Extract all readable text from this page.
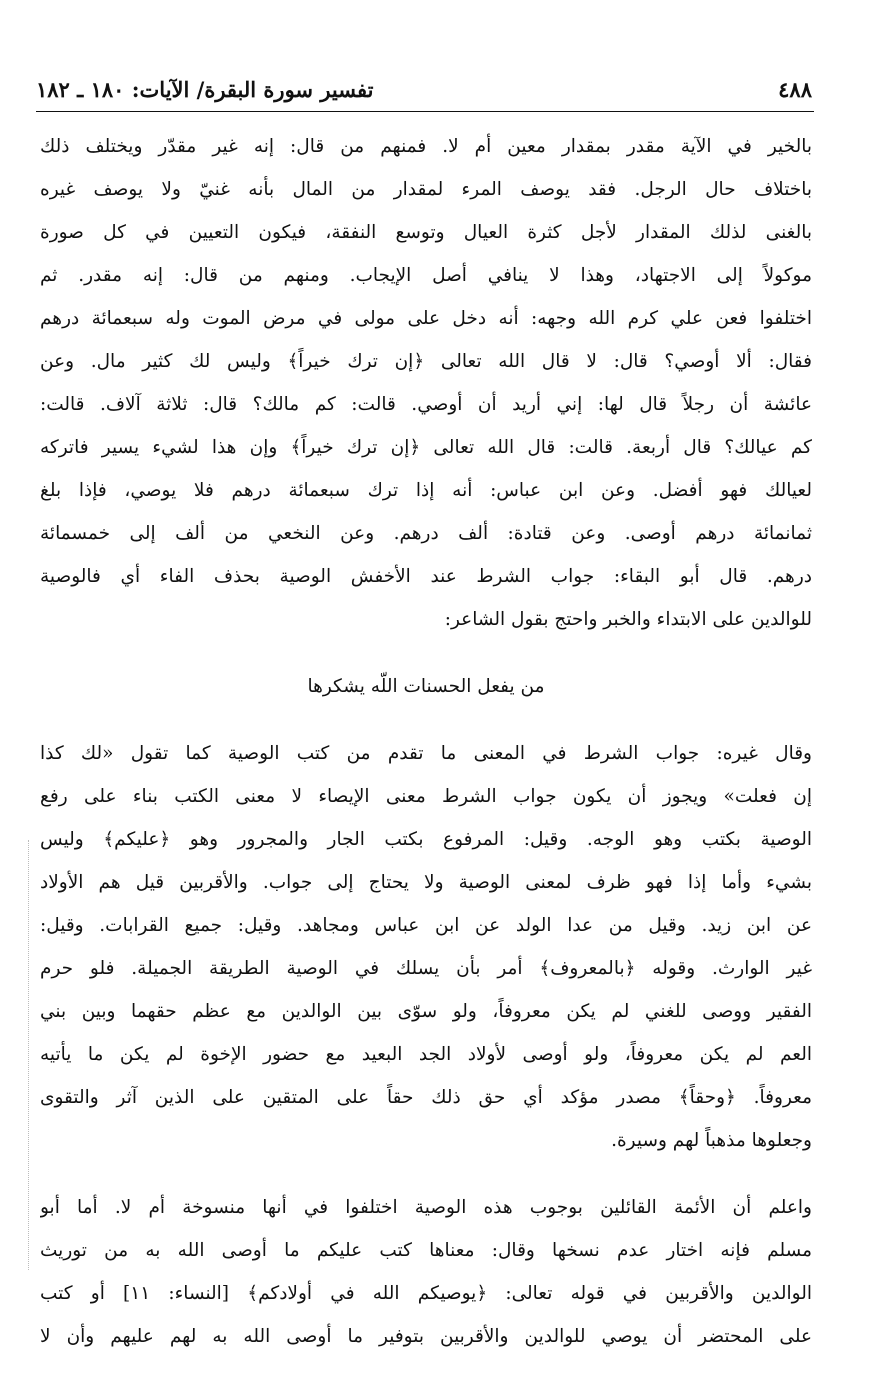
٤٨٨
تفسير سورة البقرة/ الآيات: ١٨٠ ـ ١٨٢
بالخير في الآية مقدر بمقدار معين أم لا. فمنهم من قال: إنه غير مقدّر ويختلف ذلك
باختلاف حال الرجل. فقد يوصف المرء لمقدار من المال بأنه غنيّ ولا يوصف غيره
بالغنى لذلك المقدار لأجل كثرة العيال وتوسع النفقة، فيكون التعيين في كل صورة
موكولاً إلى الاجتهاد، وهذا لا ينافي أصل الإيجاب. ومنهم من قال: إنه مقدر. ثم
اختلفوا فعن علي كرم الله وجهه: أنه دخل على مولى في مرض الموت وله سبعمائة درهم
فقال: ألا أوصي؟ قال: لا قال الله تعالى ﴿إن ترك خيراً﴾ وليس لك كثير مال. وعن
عائشة أن رجلاً قال لها: إني أريد أن أوصي. قالت: كم مالك؟ قال: ثلاثة آلاف. قالت:
كم عيالك؟ قال أربعة. قالت: قال الله تعالى ﴿إن ترك خيراً﴾ وإن هذا لشيء يسير فاتركه
لعيالك فهو أفضل. وعن ابن عباس: أنه إذا ترك سبعمائة درهم فلا يوصي، فإذا بلغ
ثمانمائة درهم أوصى. وعن قتادة: ألف درهم. وعن النخعي من ألف إلى خمسمائة
درهم. قال أبو البقاء: جواب الشرط عند الأخفش الوصية بحذف الفاء أي فالوصية
للوالدين على الابتداء والخبر واحتج بقول الشاعر:
من يفعل الحسنات اللّه يشكرها
وقال غيره: جواب الشرط في المعنى ما تقدم من كتب الوصية كما تقول «لك كذا
إن فعلت» ويجوز أن يكون جواب الشرط معنى الإيصاء لا معنى الكتب بناء على رفع
الوصية بكتب وهو الوجه. وقيل: المرفوع بكتب الجار والمجرور وهو ﴿عليكم﴾ وليس
بشيء وأما إذا فهو ظرف لمعنى الوصية ولا يحتاج إلى جواب. والأقربين قيل هم الأولاد
عن ابن زيد. وقيل من عدا الولد عن ابن عباس ومجاهد. وقيل: جميع القرابات. وقيل:
غير الوارث. وقوله ﴿بالمعروف﴾ أمر بأن يسلك في الوصية الطريقة الجميلة. فلو حرم
الفقير ووصى للغني لم يكن معروفاً، ولو سوّى بين الوالدين مع عظم حقهما وبين بني
العم لم يكن معروفاً، ولو أوصى لأولاد الجد البعيد مع حضور الإخوة لم يكن ما يأتيه
معروفاً. ﴿وحقاً﴾ مصدر مؤكد أي حق ذلك حقاً على المتقين على الذين آثر والتقوى
وجعلوها مذهباً لهم وسيرة.
واعلم أن الأئمة القائلين بوجوب هذه الوصية اختلفوا في أنها منسوخة أم لا. أما أبو
مسلم فإنه اختار عدم نسخها وقال: معناها كتب عليكم ما أوصى الله به من توريث
الوالدين والأقربين في قوله تعالى: ﴿يوصيكم الله في أولادكم﴾ [النساء: ١١] أو كتب
على المحتضر أن يوصي للوالدين والأقربين بتوفير ما أوصى الله به لهم عليهم وأن لا
